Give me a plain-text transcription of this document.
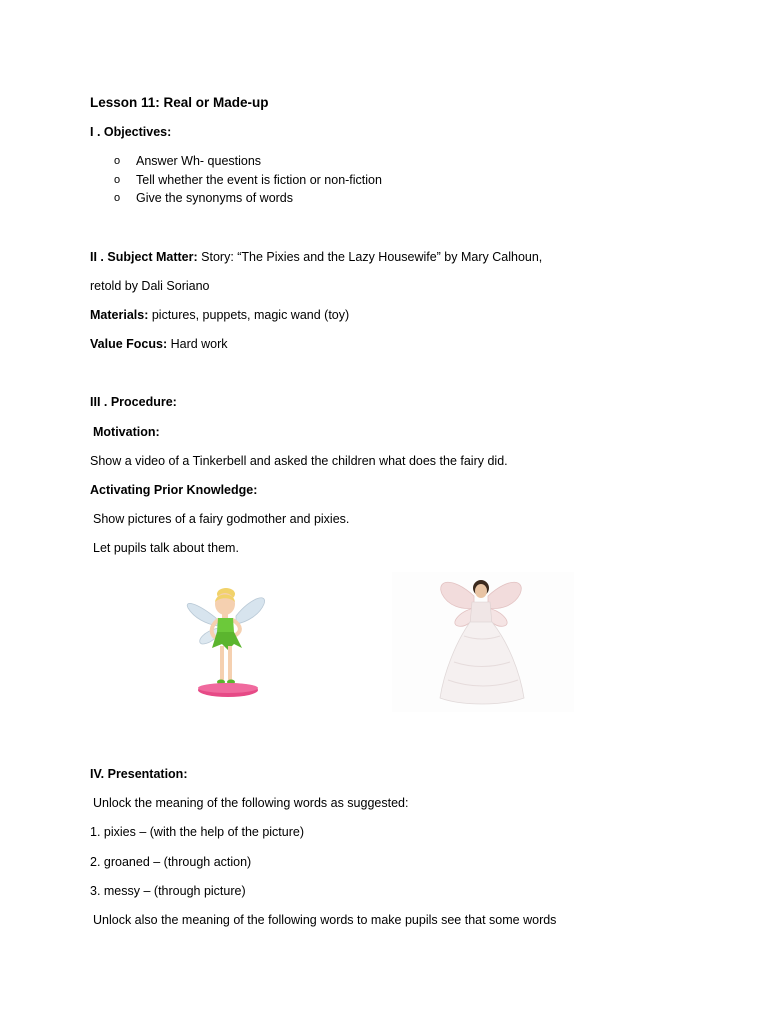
Lesson 11: Real or Made-up
I . Objectives:
o	Answer Wh- questions
o	Tell whether the event is fiction or non-fiction
o	Give the synonyms of words
II . Subject Matter: Story: “The Pixies and the Lazy Housewife” by Mary Calhoun,
retold by Dali Soriano
Materials: pictures, puppets, magic wand (toy)
Value Focus: Hard work
III . Procedure:
Motivation:
Show a video of a Tinkerbell and asked the children what does the fairy did.
Activating Prior Knowledge:
Show pictures of a fairy godmother and pixies.
Let pupils talk about them.
IV. Presentation:
Unlock the meaning of the following words as suggested:
1. pixies – (with the help of the picture)
2. groaned – (through action)
3. messy – (through picture)
Unlock also the meaning of the following words to make pupils see that some words
